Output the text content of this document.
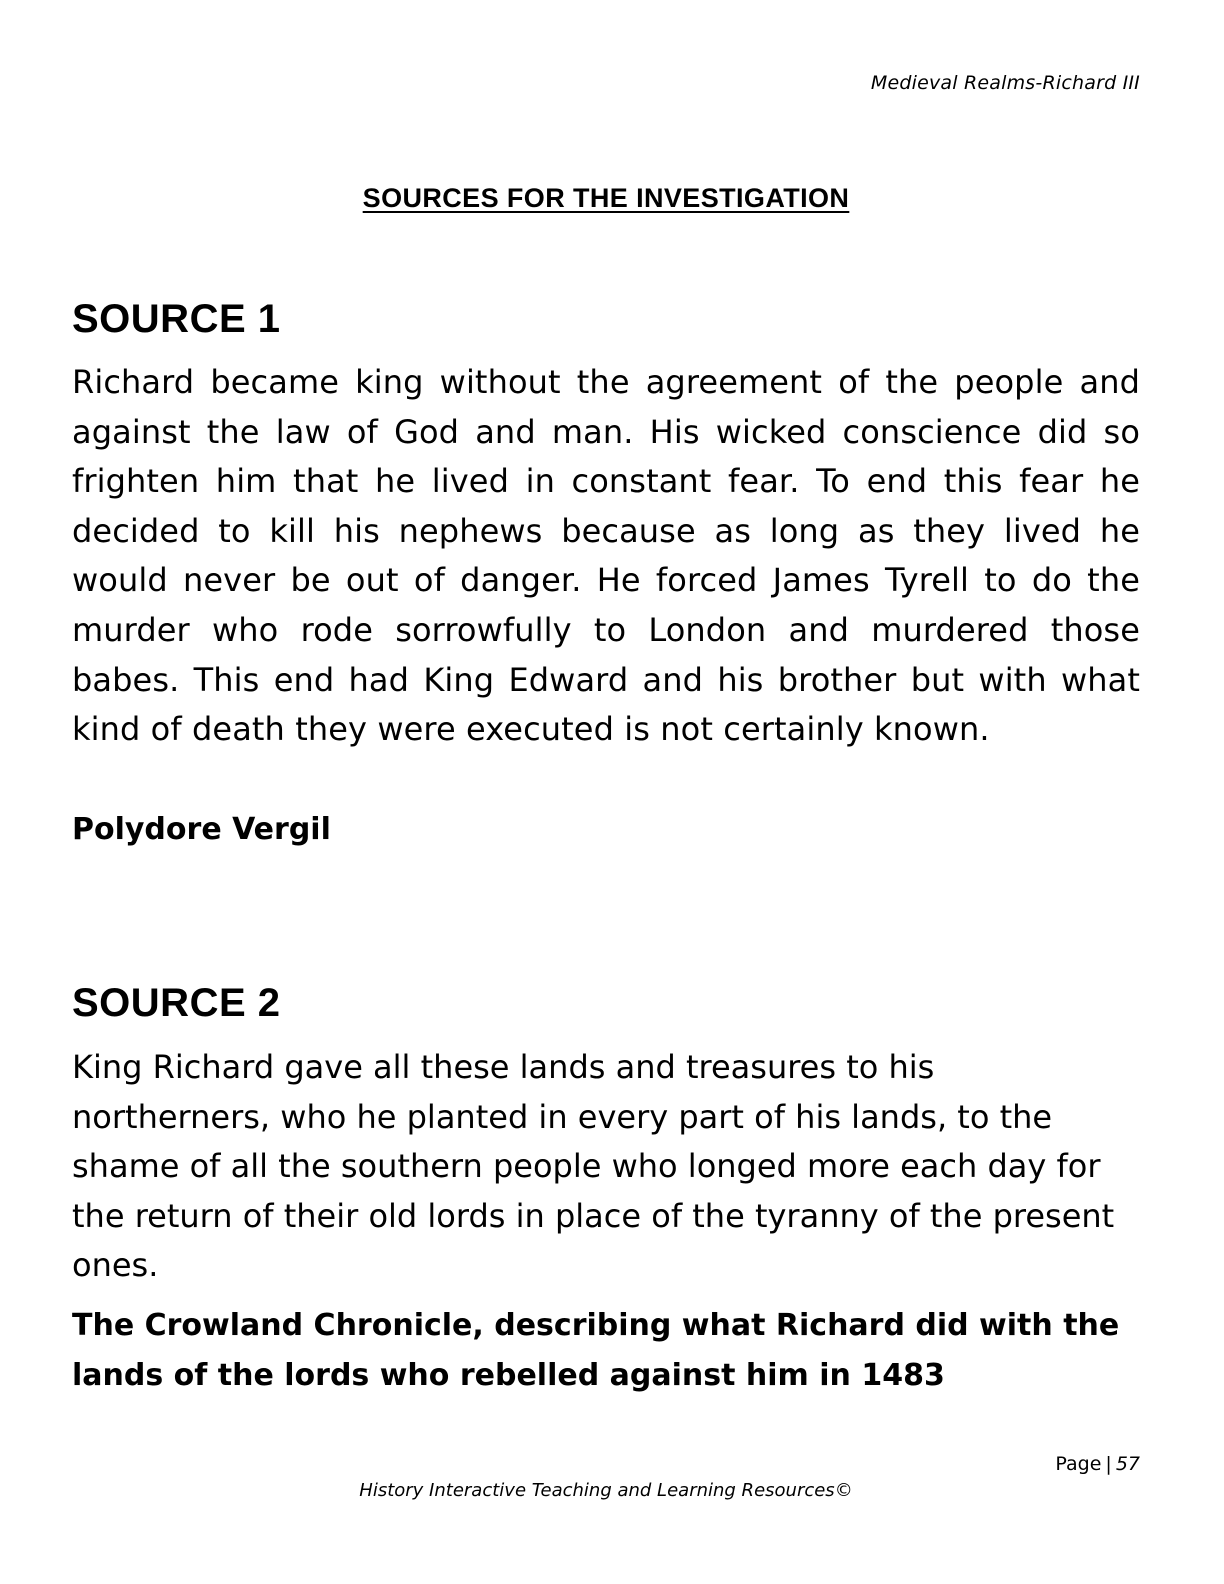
Medieval Realms-Richard III
SOURCES FOR THE INVESTIGATION
SOURCE 1

Richard became king without the agreement of the people and against the law of God and man. His wicked conscience did so frighten him that he lived in constant fear. To end this fear he decided to kill his nephews because as long as they lived he would never be out of danger. He forced James Tyrell to do the murder who rode sorrowfully to London and murdered those babes. This end had King Edward and his brother but with what kind of death they were executed is not certainly known.

Polydore Vergil

SOURCE 2

King Richard gave all these lands and treasures to his northerners, who he planted in every part of his lands, to the shame of all the southern people who longed more each day for the return of their old lords in place of the tyranny of the present ones.

The Crowland Chronicle, describing what Richard did with the lands of the lords who rebelled against him in 1483

Page | 57
History Interactive Teaching and Learning Resources©
